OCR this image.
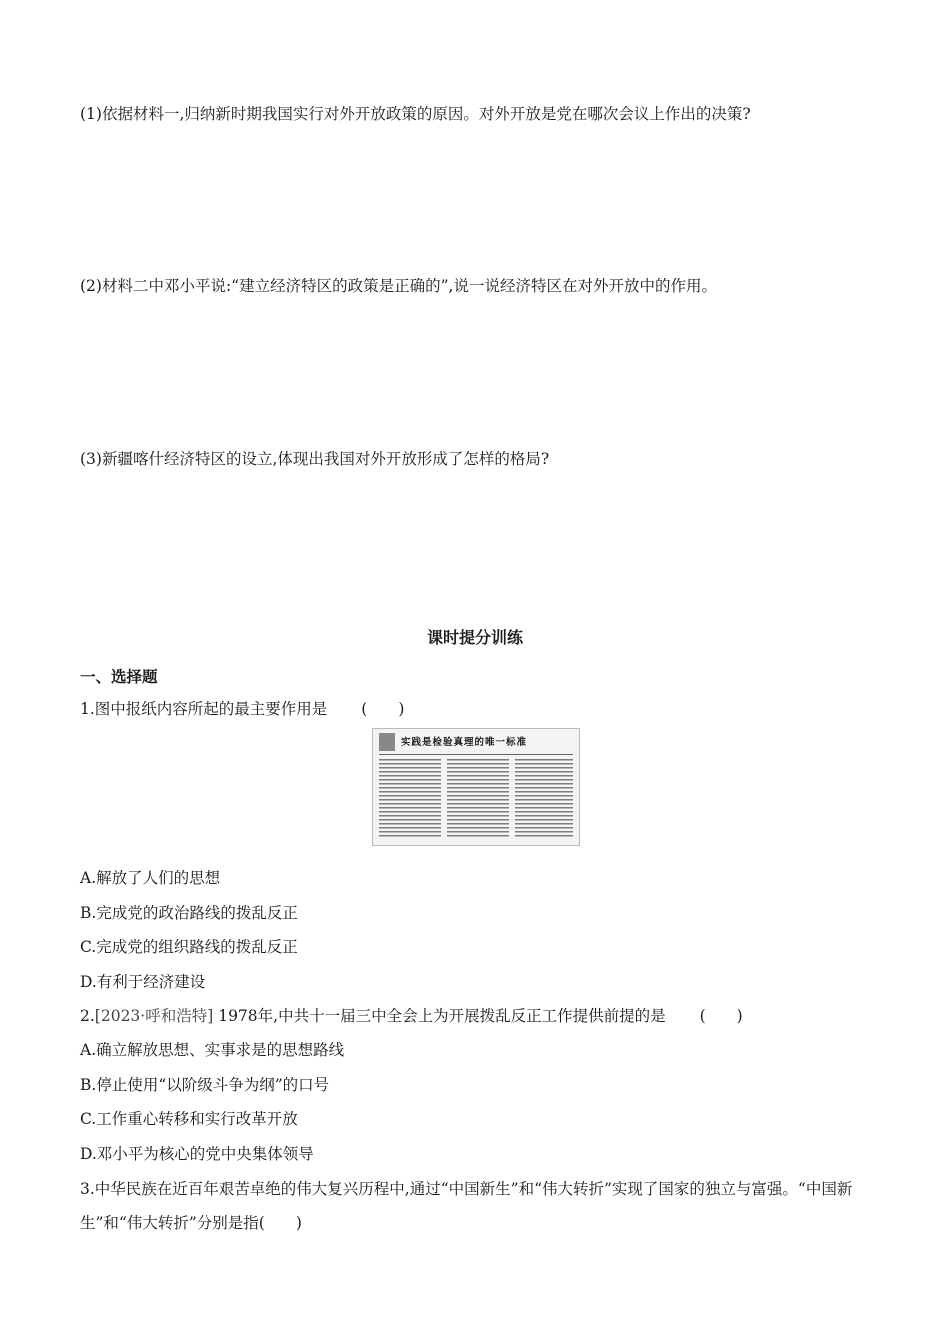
(1)依据材料一,归纳新时期我国实行对外开放政策的原因。对外开放是党在哪次会议上作出的决策?
(2)材料二中邓小平说:“建立经济特区的政策是正确的”,说一说经济特区在对外开放中的作用。
(3)新疆喀什经济特区的设立,体现出我国对外开放形成了怎样的格局?
课时提分训练
一、选择题
1.图中报纸内容所起的最主要作用是 (　　)
实践是检验真理的唯一标准
A.解放了人们的思想
B.完成党的政治路线的拨乱反正
C.完成党的组织路线的拨乱反正
D.有利于经济建设
2.[2023·呼和浩特] 1978年,中共十一届三中全会上为开展拨乱反正工作提供前提的是 (　　)
A.确立解放思想、实事求是的思想路线
B.停止使用“以阶级斗争为纲”的口号
C.工作重心转移和实行改革开放
D.邓小平为核心的党中央集体领导
3.中华民族在近百年艰苦卓绝的伟大复兴历程中,通过“中国新生”和“伟大转折”实现了国家的独立与富强。“中国新生”和“伟大转折”分别是指(　　)
